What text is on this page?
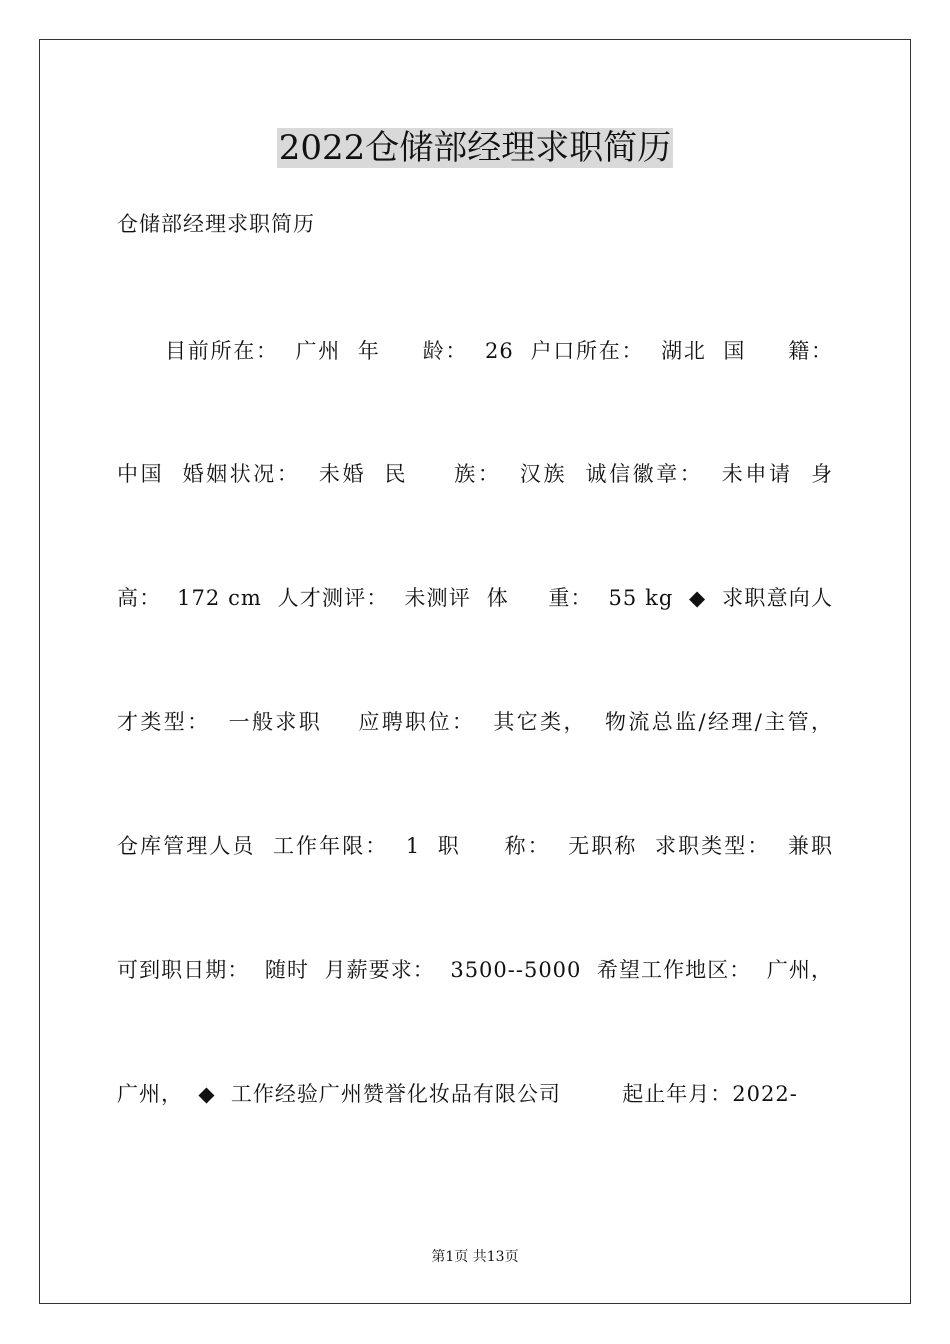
2022仓储部经理求职简历
仓储部经理求职简历
目前所在：  广州  年     龄：  26  户口所在：  湖北  国     籍：
中国  婚姻状况：  未婚  民     族：  汉族  诚信徽章：  未申请  身
高：  172 cm  人才测评：  未测评  体     重：  55 kg  ◆  求职意向人
才类型：  一般求职    应聘职位：  其它类，  物流总监/经理/主管，
仓库管理人员  工作年限：  1  职     称：  无职称  求职类型：  兼职
可到职日期：  随时  月薪要求：  3500--5000  希望工作地区：  广州，
广州，  ◆  工作经验广州赞誉化妆品有限公司        起止年月：2022-
第1页 共13页
